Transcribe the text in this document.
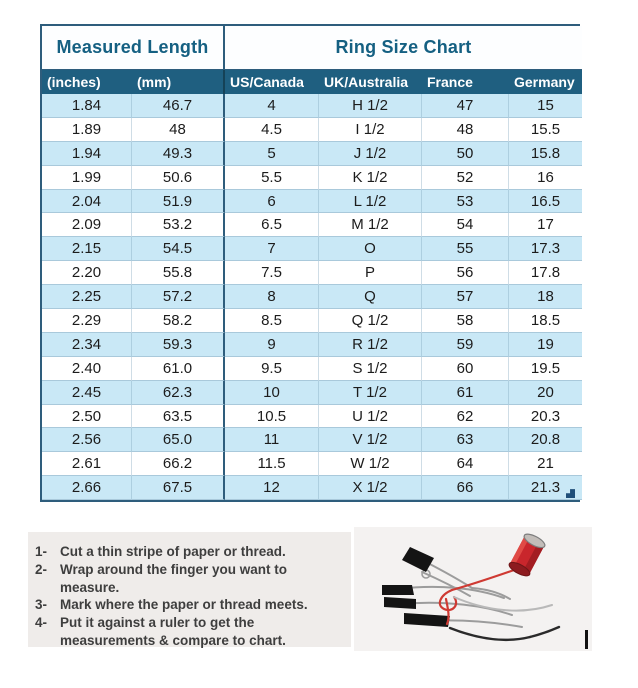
Measured Length	Ring Size Chart
(inches)	(mm)	US/Canada	UK/Australia	France	Germany
1.84	46.7	4	H 1/2	47	15
1.89	48	4.5	I 1/2	48	15.5
1.94	49.3	5	J 1/2	50	15.8
1.99	50.6	5.5	K 1/2	52	16
2.04	51.9	6	L 1/2	53	16.5
2.09	53.2	6.5	M 1/2	54	17
2.15	54.5	7	O	55	17.3
2.20	55.8	7.5	P	56	17.8
2.25	57.2	8	Q	57	18
2.29	58.2	8.5	Q 1/2	58	18.5
2.34	59.3	9	R 1/2	59	19
2.40	61.0	9.5	S 1/2	60	19.5
2.45	62.3	10	T 1/2	61	20
2.50	63.5	10.5	U 1/2	62	20.3
2.56	65.0	11	V 1/2	63	20.8
2.61	66.2	11.5	W 1/2	64	21
2.66	67.5	12	X 1/2	66	21.3
1- Cut a thin stripe of paper or thread.
2- Wrap around the finger you want to measure.
3- Mark where the paper or thread meets.
4- Put it against a ruler to get the measurements & compare to chart.
